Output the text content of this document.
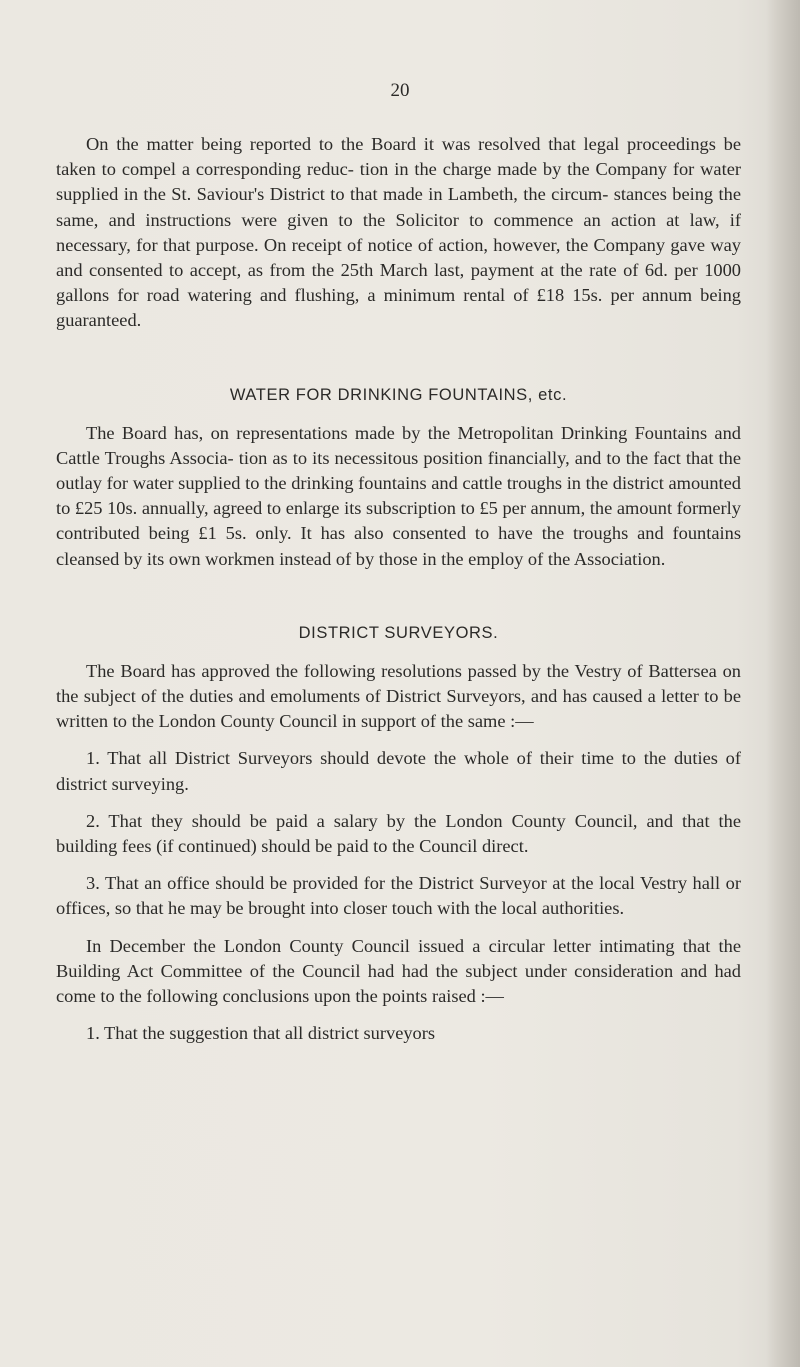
20

On the matter being reported to the Board it was resolved that legal proceedings be taken to compel a corresponding reduc- tion in the charge made by the Company for water supplied in the St. Saviour's District to that made in Lambeth, the circum- stances being the same, and instructions were given to the Solicitor to commence an action at law, if necessary, for that purpose. On receipt of notice of action, however, the Company gave way and consented to accept, as from the 25th March last, payment at the rate of 6d. per 1000 gallons for road watering and flushing, a minimum rental of £18 15s. per annum being guaranteed.

WATER FOR DRINKING FOUNTAINS, etc.

The Board has, on representations made by the Metropolitan Drinking Fountains and Cattle Troughs Associa- tion as to its necessitous position financially, and to the fact that the outlay for water supplied to the drinking fountains and cattle troughs in the district amounted to £25 10s. annually, agreed to enlarge its subscription to £5 per annum, the amount formerly contributed being £1 5s. only. It has also consented to have the troughs and fountains cleansed by its own workmen instead of by those in the employ of the Association.

DISTRICT SURVEYORS.

The Board has approved the following resolutions passed by the Vestry of Battersea on the subject of the duties and emoluments of District Surveyors, and has caused a letter to be written to the London County Council in support of the same :—

1. That all District Surveyors should devote the whole of their time to the duties of district surveying.

2. That they should be paid a salary by the London County Council, and that the building fees (if continued) should be paid to the Council direct.

3. That an office should be provided for the District Surveyor at the local Vestry hall or offices, so that he may be brought into closer touch with the local authorities.

In December the London County Council issued a circular letter intimating that the Building Act Committee of the Council had had the subject under consideration and had come to the following conclusions upon the points raised :—

1. That the suggestion that all district surveyors
